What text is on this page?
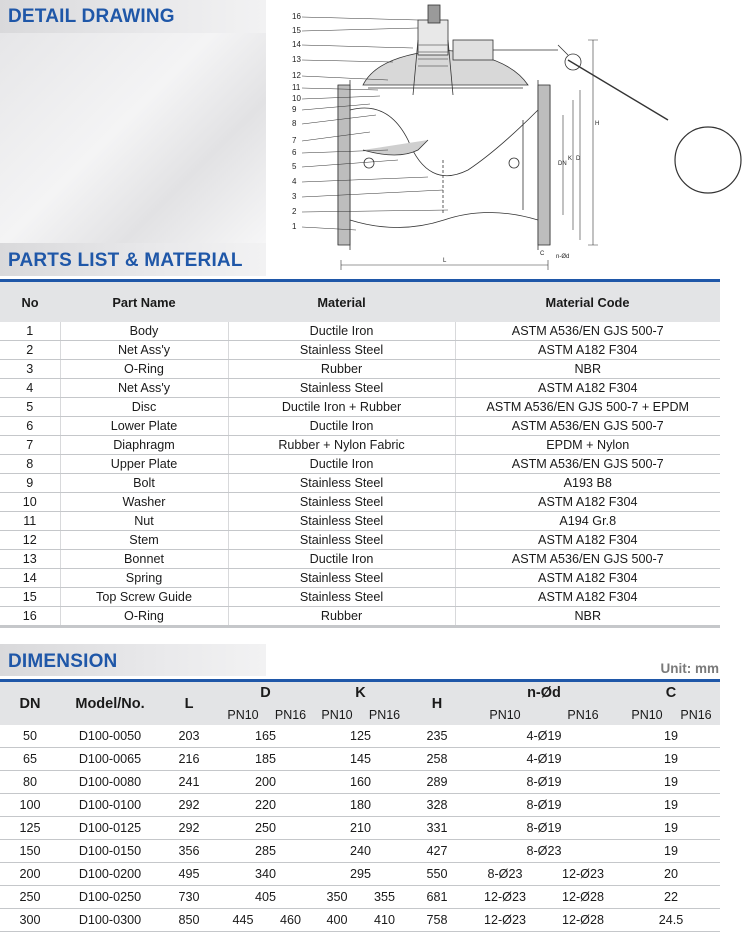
DETAIL DRAWING	16
15
14
13
12
11
10
9
8
7
6
5
4
3
2
1
L
H
DN
K D
C n-Ød
PARTS LIST & MATERIAL
No	Part Name	Material	Material Code
1	Body	Ductile Iron	ASTM A536/EN GJS 500-7
2	Net Ass'y	Stainless Steel	ASTM A182 F304
3	O-Ring	Rubber	NBR
4	Net Ass'y	Stainless Steel	ASTM A182 F304
5	Disc	Ductile Iron + Rubber	ASTM A536/EN GJS 500-7 + EPDM
6	Lower Plate	Ductile Iron	ASTM A536/EN GJS 500-7
7	Diaphragm	Rubber + Nylon Fabric	EPDM + Nylon
8	Upper Plate	Ductile Iron	ASTM A536/EN GJS 500-7
9	Bolt	Stainless Steel	A193 B8
10	Washer	Stainless Steel	ASTM A182 F304
11	Nut	Stainless Steel	A194 Gr.8
12	Stem	Stainless Steel	ASTM A182 F304
13	Bonnet	Ductile Iron	ASTM A536/EN GJS 500-7
14	Spring	Stainless Steel	ASTM A182 F304
15	Top Screw Guide	Stainless Steel	ASTM A182 F304
16	O-Ring	Rubber	NBR
DIMENSION	Unit: mm
DN	Model/No.	L	D		K		H	n-Ød		C	
			PN10	PN16	PN10	PN16		PN10	PN16	PN10	PN16
50	D100-0050	203	165		125		235	4-Ø19		19	
65	D100-0065	216	185		145		258	4-Ø19		19	
80	D100-0080	241	200		160		289	8-Ø19		19	
100	D100-0100	292	220		180		328	8-Ø19		19	
125	D100-0125	292	250		210		331	8-Ø19		19	
150	D100-0150	356	285		240		427	8-Ø23		19	
200	D100-0200	495	340		295		550	8-Ø23	12-Ø23	20	
250	D100-0250	730	405		350	355	681	12-Ø23	12-Ø28	22	
300	D100-0300	850	445	460	400	410	758	12-Ø23	12-Ø28	24.5	
